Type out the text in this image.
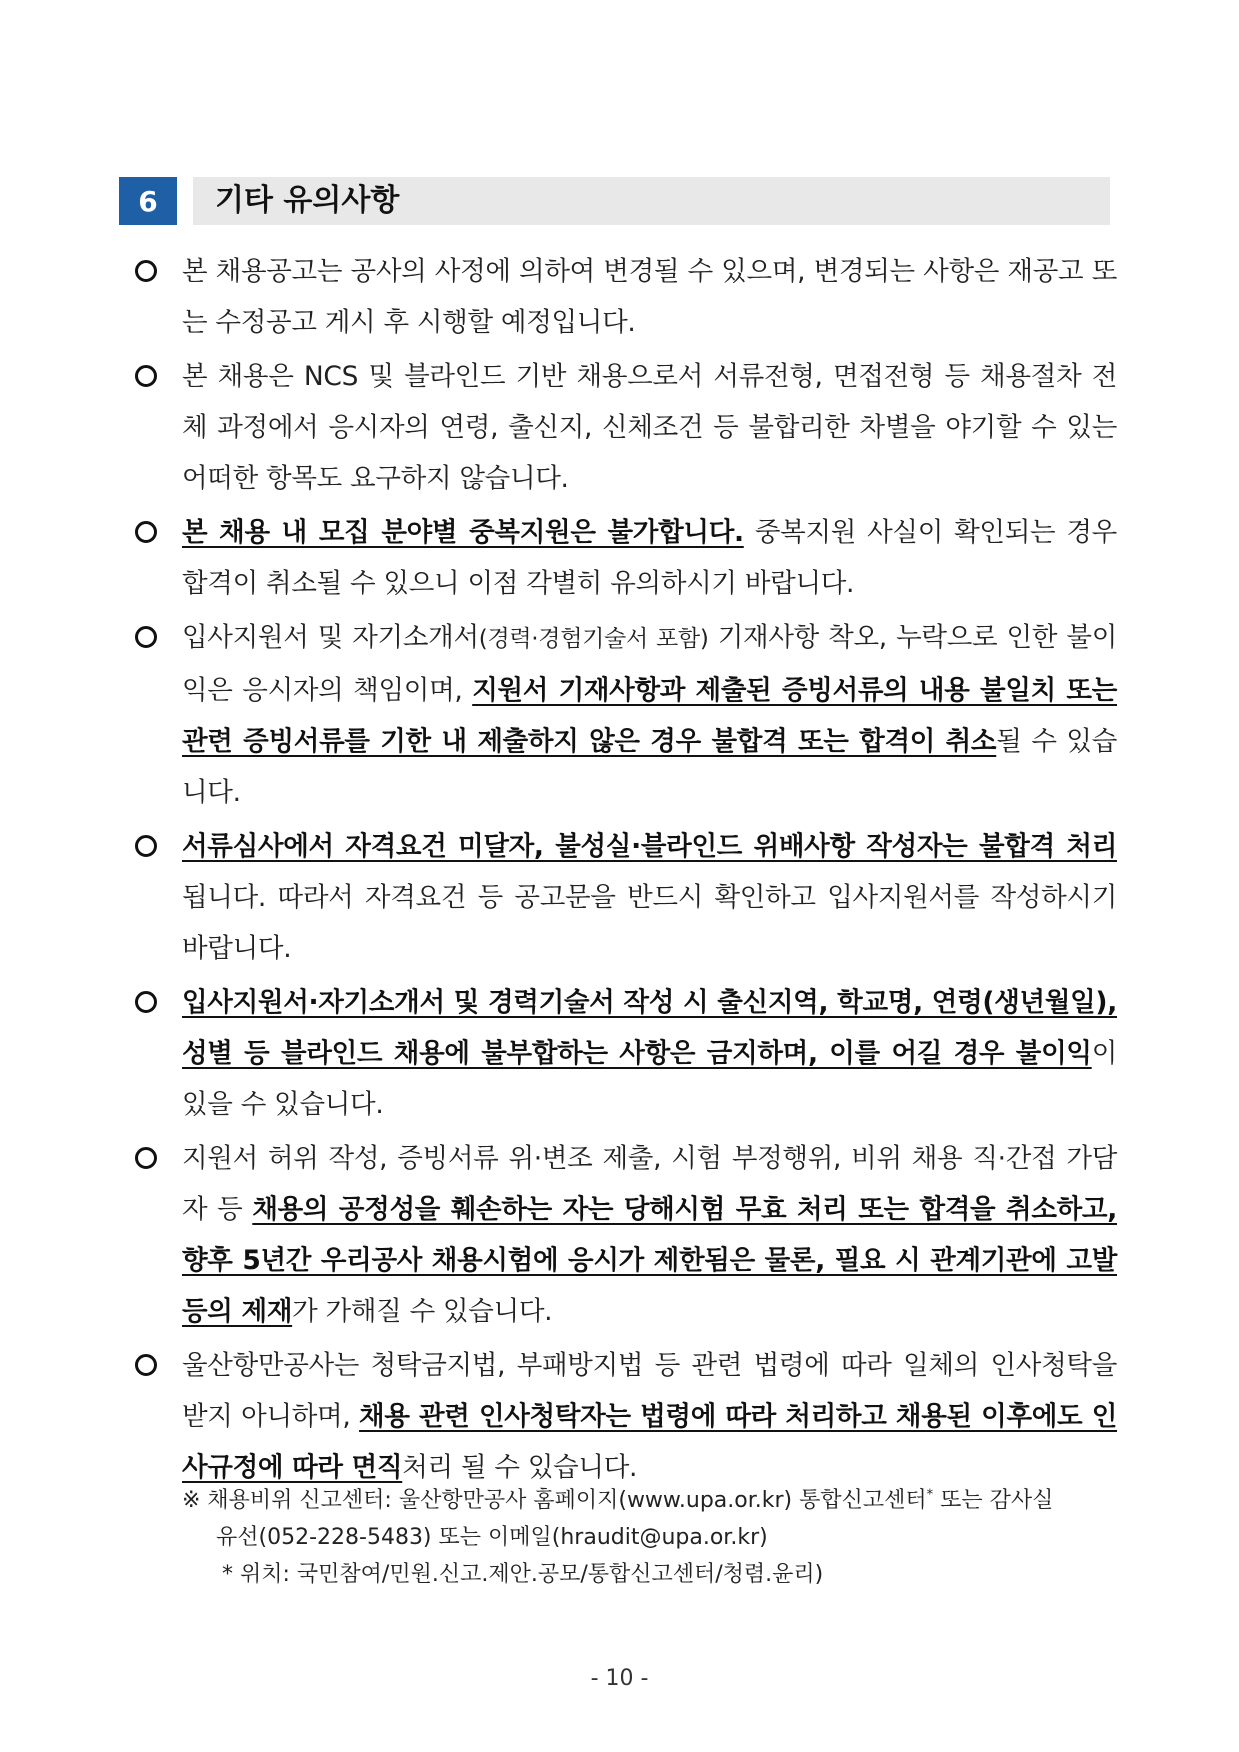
6	기타 유의사항
본 채용공고는 공사의 사정에 의하여 변경될 수 있으며, 변경되는 사항은 재공고 또는 수정공고 게시 후 시행할 예정입니다.
본 채용은 NCS 및 블라인드 기반 채용으로서 서류전형, 면접전형 등 채용절차 전체 과정에서 응시자의 연령, 출신지, 신체조건 등 불합리한 차별을 야기할 수 있는 어떠한 항목도 요구하지 않습니다.
본 채용 내 모집 분야별 중복지원은 불가합니다. 중복지원 사실이 확인되는 경우 합격이 취소될 수 있으니 이점 각별히 유의하시기 바랍니다.
입사지원서 및 자기소개서(경력·경험기술서 포함) 기재사항 착오, 누락으로 인한 불이익은 응시자의 책임이며, 지원서 기재사항과 제출된 증빙서류의 내용 불일치 또는 관련 증빙서류를 기한 내 제출하지 않은 경우 불합격 또는 합격이 취소될 수 있습니다.
서류심사에서 자격요건 미달자, 불성실·블라인드 위배사항 작성자는 불합격 처리됩니다. 따라서 자격요건 등 공고문을 반드시 확인하고 입사지원서를 작성하시기 바랍니다.
입사지원서·자기소개서 및 경력기술서 작성 시 출신지역, 학교명, 연령(생년월일), 성별 등 블라인드 채용에 불부합하는 사항은 금지하며, 이를 어길 경우 불이익이 있을 수 있습니다.
지원서 허위 작성, 증빙서류 위·변조 제출, 시험 부정행위, 비위 채용 직·간접 가담자 등 채용의 공정성을 훼손하는 자는 당해시험 무효 처리 또는 합격을 취소하고, 향후 5년간 우리공사 채용시험에 응시가 제한됨은 물론, 필요 시 관계기관에 고발 등의 제재가 가해질 수 있습니다.
울산항만공사는 청탁금지법, 부패방지법 등 관련 법령에 따라 일체의 인사청탁을 받지 아니하며, 채용 관련 인사청탁자는 법령에 따라 처리하고 채용된 이후에도 인사규정에 따라 면직처리 될 수 있습니다.
※ 채용비위 신고센터: 울산항만공사 홈페이지(www.upa.or.kr) 통합신고센터* 또는 감사실
유선(052-228-5483) 또는 이메일(hraudit@upa.or.kr)
* 위치: 국민참여/민원.신고.제안.공모/통합신고센터/청렴.윤리)
- 10 -
